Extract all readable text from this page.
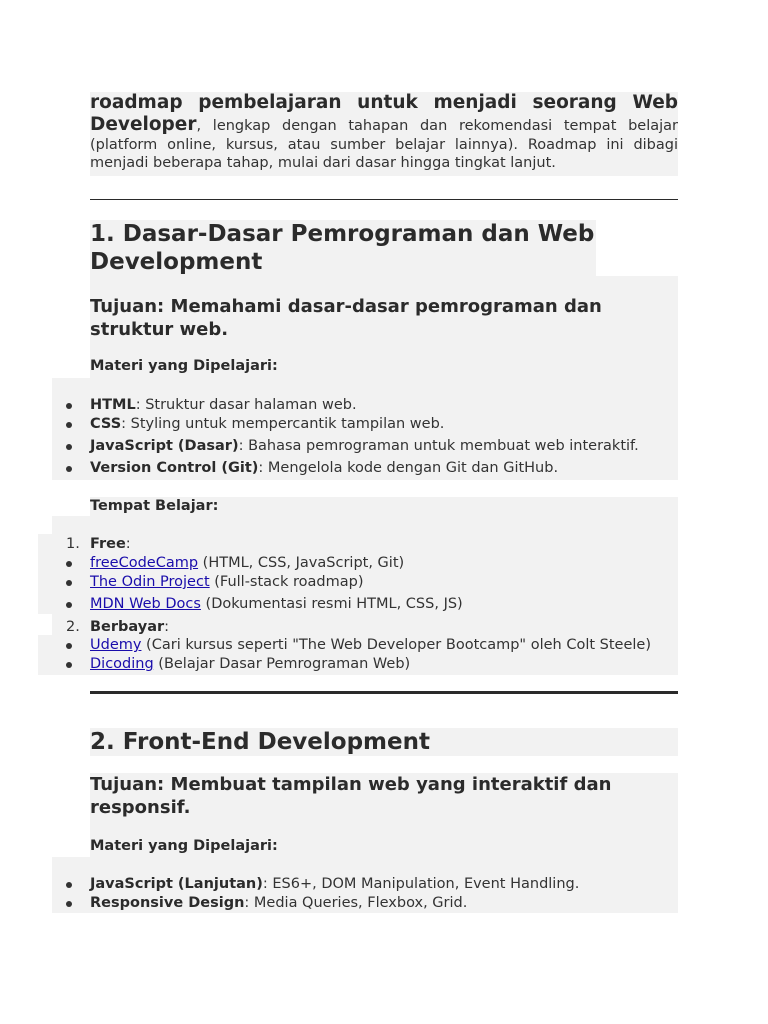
roadmap pembelajaran untuk menjadi seorang Web Developer, lengkap dengan tahapan dan rekomendasi tempat belajar (platform online, kursus, atau sumber belajar lainnya). Roadmap ini dibagi menjadi beberapa tahap, mulai dari dasar hingga tingkat lanjut.
1. Dasar-Dasar Pemrograman dan Web Development
Tujuan: Memahami dasar-dasar pemrograman dan struktur web.
Materi yang Dipelajari:
HTML: Struktur dasar halaman web.
CSS: Styling untuk mempercantik tampilan web.
JavaScript (Dasar): Bahasa pemrograman untuk membuat web interaktif.
Version Control (Git): Mengelola kode dengan Git dan GitHub.
Tempat Belajar:
1. Free:
freeCodeCamp (HTML, CSS, JavaScript, Git)
The Odin Project (Full-stack roadmap)
MDN Web Docs (Dokumentasi resmi HTML, CSS, JS)
2. Berbayar:
Udemy (Cari kursus seperti "The Web Developer Bootcamp" oleh Colt Steele)
Dicoding (Belajar Dasar Pemrograman Web)
2. Front-End Development
Tujuan: Membuat tampilan web yang interaktif dan responsif.
Materi yang Dipelajari:
JavaScript (Lanjutan): ES6+, DOM Manipulation, Event Handling.
Responsive Design: Media Queries, Flexbox, Grid.
